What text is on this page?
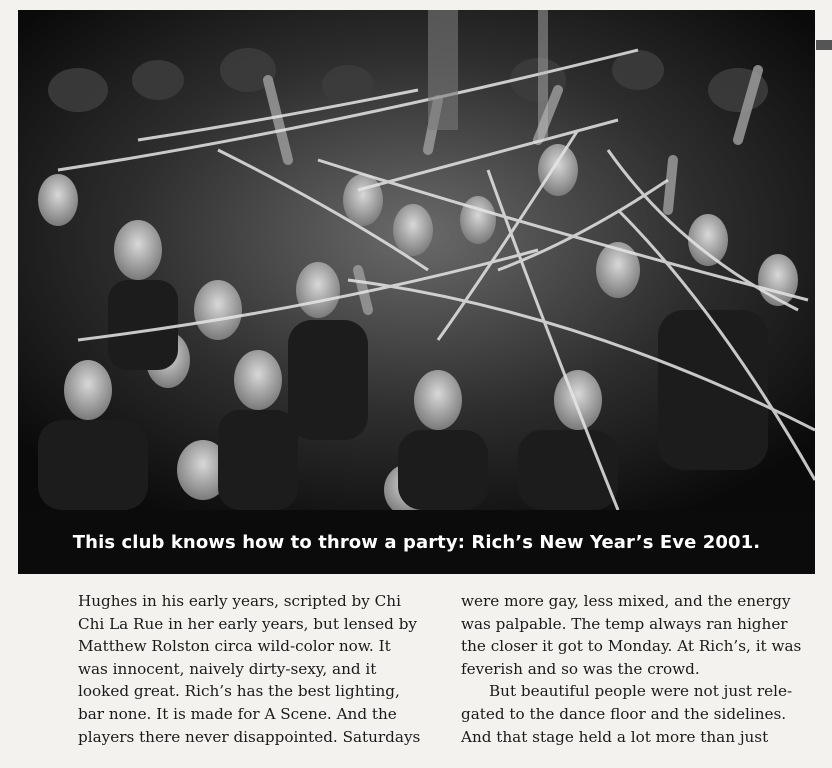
This club knows how to throw a party: Rich’s New Year’s Eve 2001.

Hughes in his early years, scripted by Chi
Chi La Rue in her early years, but lensed by
Matthew Rolston circa wild-color now. It
was innocent, naively dirty-sexy, and it
looked great. Rich’s has the best lighting,
bar none. It is made for A Scene. And the
players there never disappointed. Saturdays

were more gay, less mixed, and the energy
was palpable. The temp always ran higher
the closer it got to Monday. At Rich’s, it was
feverish and so was the crowd.

But beautiful people were not just rele-
gated to the dance floor and the sidelines.
And that stage held a lot more than just
